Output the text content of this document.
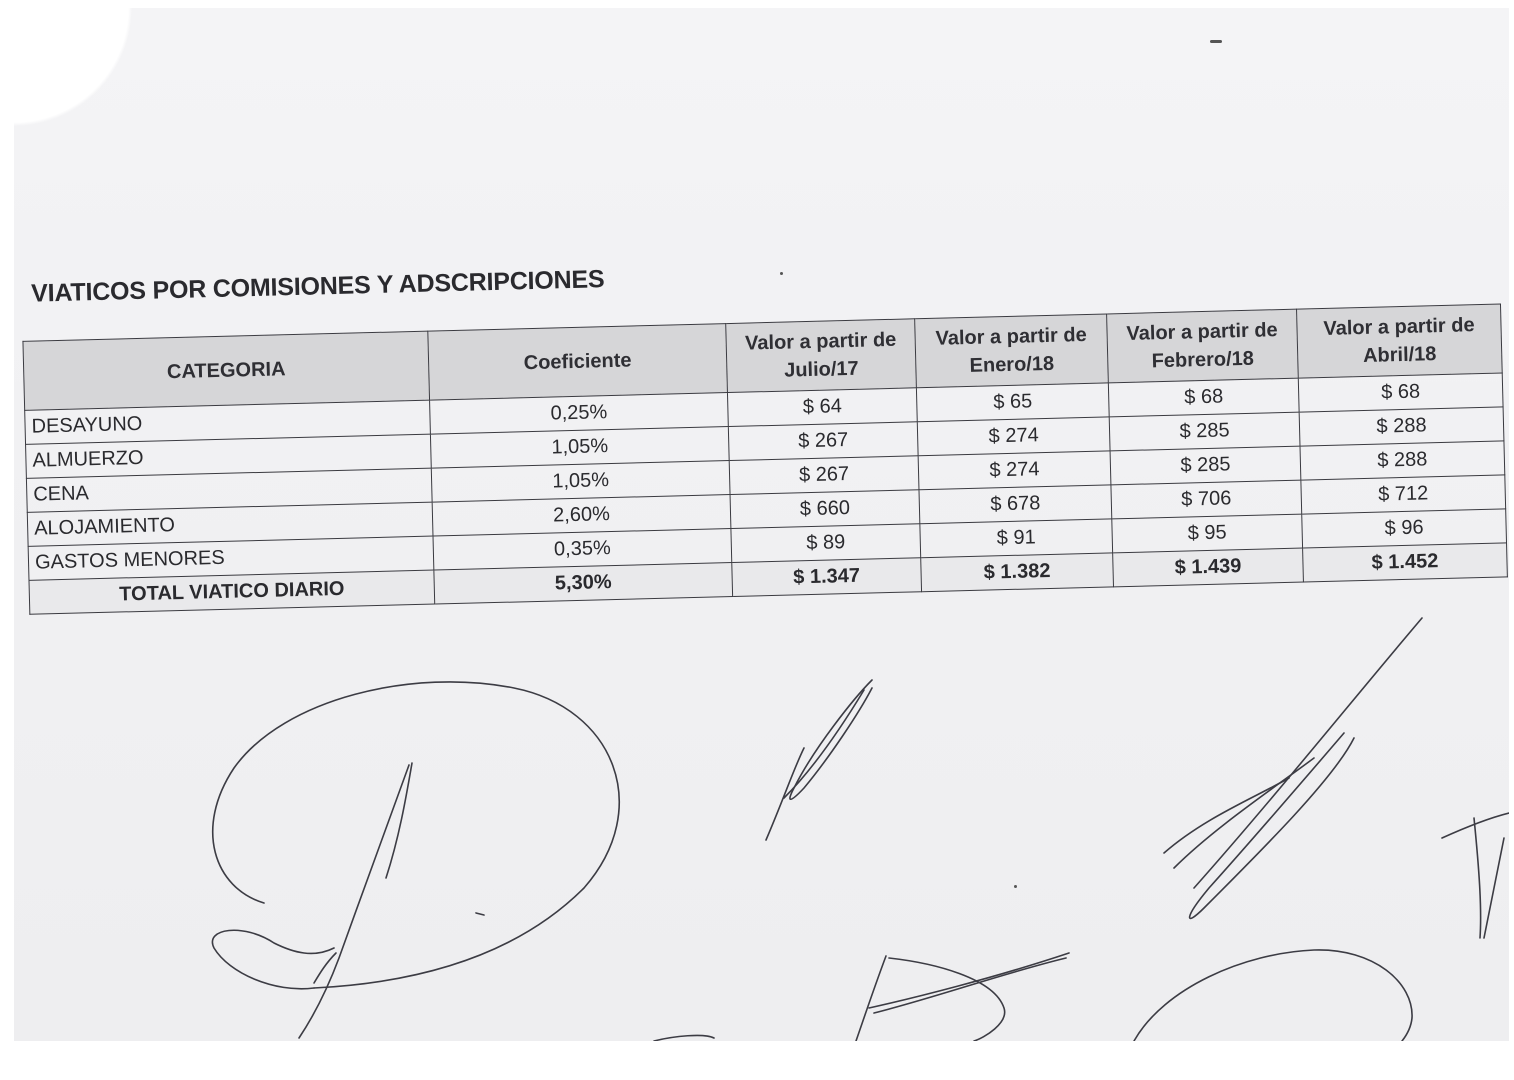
VIATICOS POR COMISIONES Y ADSCRIPCIONES
CATEGORIA	Coeficiente	Valor a partir de Julio/17	Valor a partir de Enero/18	Valor a partir de Febrero/18	Valor a partir de Abril/18
DESAYUNO	0,25%	$ 64	$ 65	$ 68	$ 68
ALMUERZO	1,05%	$ 267	$ 274	$ 285	$ 288
CENA	1,05%	$ 267	$ 274	$ 285	$ 288
ALOJAMIENTO	2,60%	$ 660	$ 678	$ 706	$ 712
GASTOS MENORES	0,35%	$ 89	$ 91	$ 95	$ 96
TOTAL VIATICO DIARIO	5,30%	$ 1.347	$ 1.382	$ 1.439	$ 1.452
